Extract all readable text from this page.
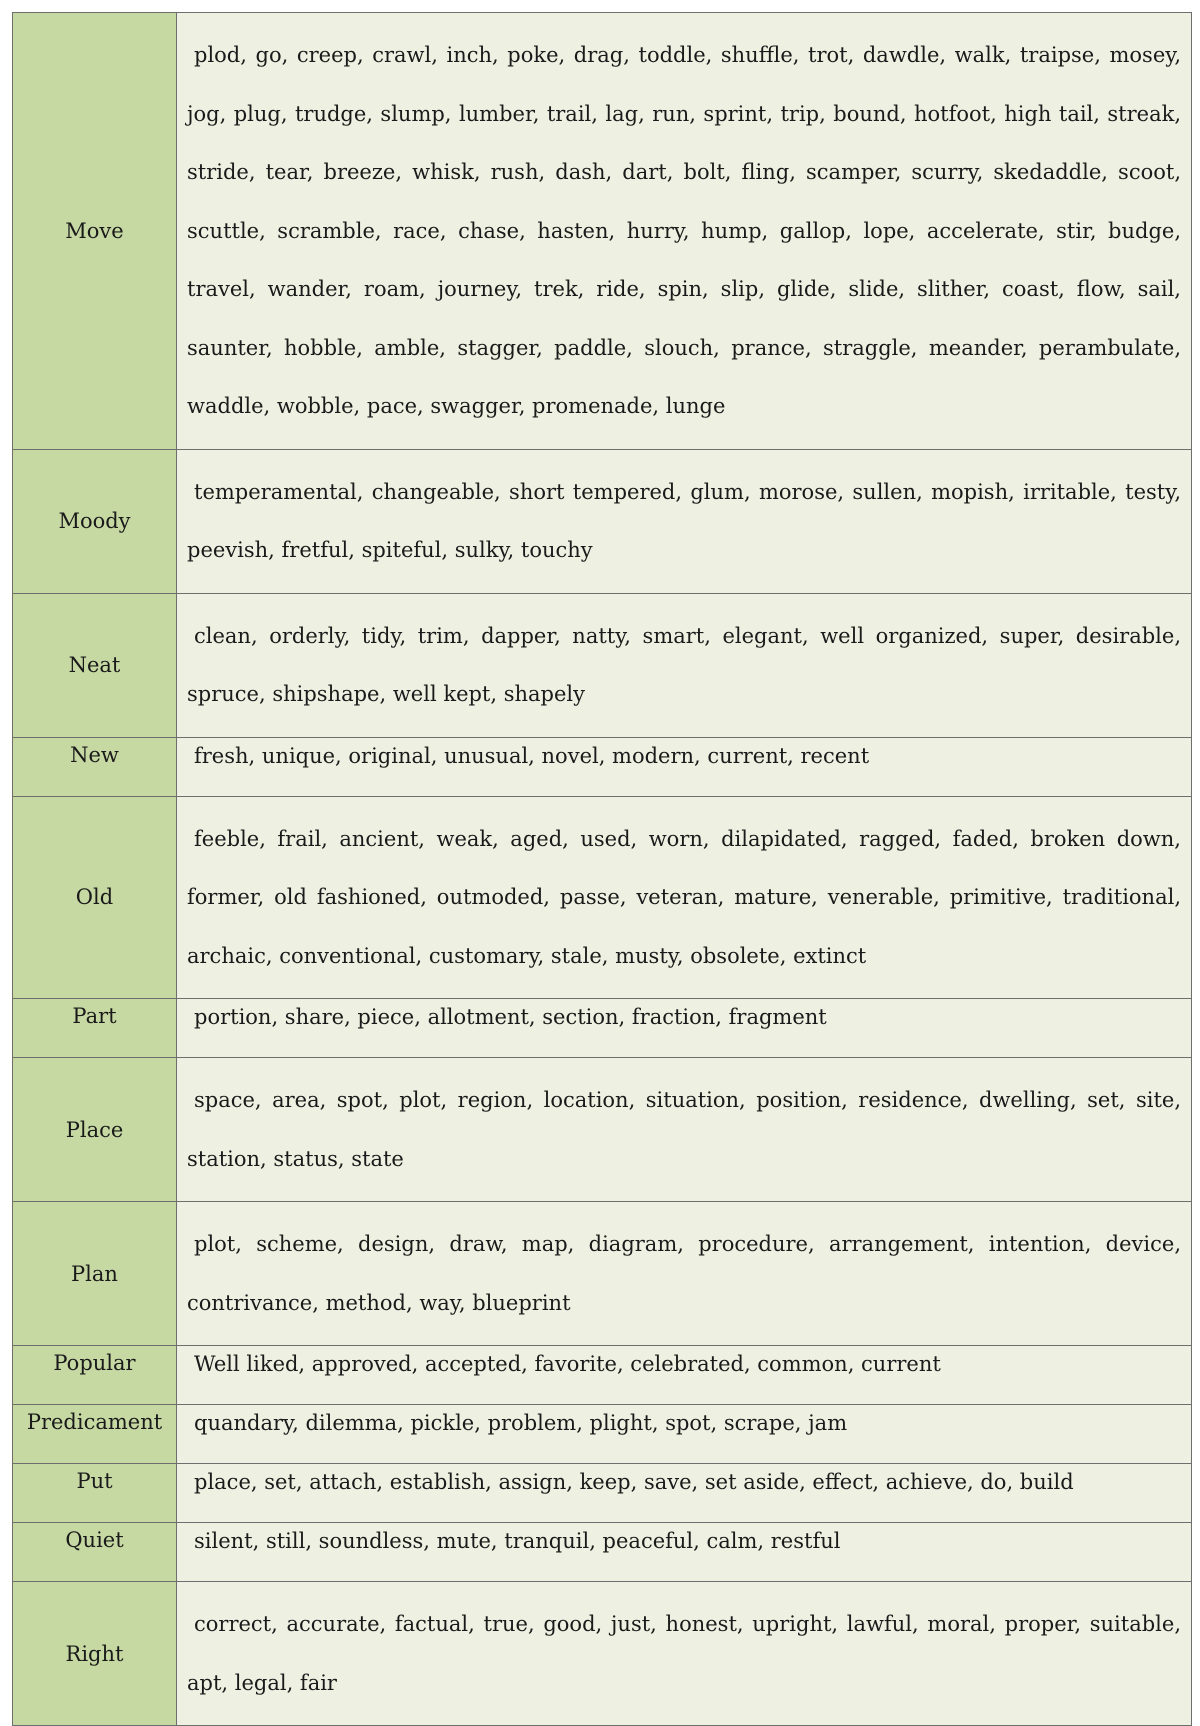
Move	plod, go, creep, crawl, inch, poke, drag, toddle, shuffle, trot, dawdle, walk, traipse, mosey, jog, plug, trudge, slump, lumber, trail, lag, run, sprint, trip, bound, hotfoot, high tail, streak, stride, tear, breeze, whisk, rush, dash, dart, bolt, fling, scamper, scurry, skedaddle, scoot, scuttle, scramble, race, chase, hasten, hurry, hump, gallop, lope, accelerate, stir, budge, travel, wander, roam, journey, trek, ride, spin, slip, glide, slide, slither, coast, flow, sail, saunter, hobble, amble, stagger, paddle, slouch, prance, straggle, meander, perambulate, waddle, wobble, pace, swagger, promenade, lunge
Moody	temperamental, changeable, short tempered, glum, morose, sullen, mopish, irritable, testy, peevish, fretful, spiteful, sulky, touchy
Neat	clean, orderly, tidy, trim, dapper, natty, smart, elegant, well organized, super, desirable, spruce, shipshape, well kept, shapely
New	fresh, unique, original, unusual, novel, modern, current, recent
Old	feeble, frail, ancient, weak, aged, used, worn, dilapidated, ragged, faded, broken down, former, old fashioned, outmoded, passe, veteran, mature, venerable, primitive, traditional, archaic, conventional, customary, stale, musty, obsolete, extinct
Part	portion, share, piece, allotment, section, fraction, fragment
Place	space, area, spot, plot, region, location, situation, position, residence, dwelling, set, site, station, status, state
Plan	plot, scheme, design, draw, map, diagram, procedure, arrangement, intention, device, contrivance, method, way, blueprint
Popular	Well liked, approved, accepted, favorite, celebrated, common, current
Predicament	quandary, dilemma, pickle, problem, plight, spot, scrape, jam
Put	place, set, attach, establish, assign, keep, save, set aside, effect, achieve, do, build
Quiet	silent, still, soundless, mute, tranquil, peaceful, calm, restful
Right	correct, accurate, factual, true, good, just, honest, upright, lawful, moral, proper, suitable, apt, legal, fair
